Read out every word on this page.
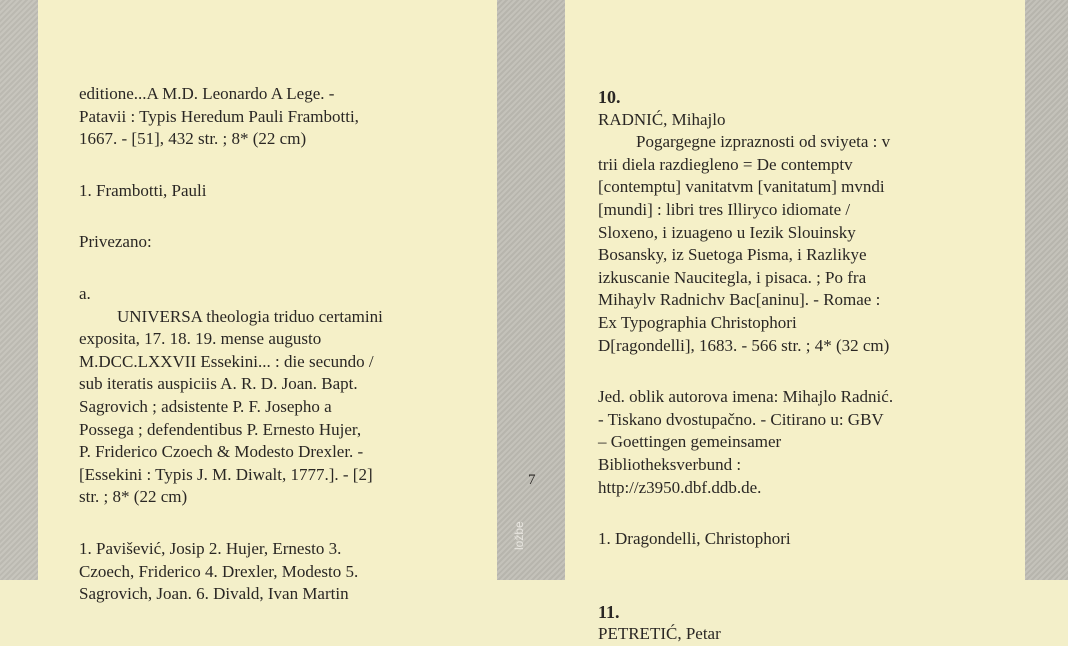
editione...A M.D. Leonardo A Lege. -
Patavii : Typis Heredum Pauli Frambotti,
1667. - [51], 432 str. ; 8* (22 cm)
1. Frambotti, Pauli
Privezano:
a.
UNIVERSA theologia triduo certamini
exposita, 17. 18. 19. mense augusto
M.DCC.LXXVII Essekini... : die secundo /
sub iteratis auspiciis A. R. D. Joan. Bapt.
Sagrovich ; adsistente P. F. Josepho a
Possega ; defendentibus P. Ernesto Hujer,
P. Friderico Czoech & Modesto Drexler. -
[Essekini : Typis J. M. Diwalt, 1777.]. - [2]
str. ; 8* (22 cm)
1. Pavišević, Josip 2. Hujer, Ernesto 3.
Czoech, Friderico 4. Drexler, Modesto 5.
Sagrovich, Joan. 6. Divald, Ivan Martin
7
ložbe
10.
RADNIĆ, Mihajlo
Pogargegne izpraznosti od sviyeta : v
trii diela razdiegleno = De contemptv
[contemptu] vanitatvm [vanitatum] mvndi
[mundi] : libri tres Illiryco idiomate /
Sloxeno, i izuageno u Iezik Slouinsky
Bosansky, iz Suetoga Pisma, i Razlikye
izkuscanie Naucitegla, i pisaca. ; Po fra
Mihaylv Radnichv Bac[aninu]. - Romae :
Ex Typographia Christophori
D[ragondelli], 1683. - 566 str. ; 4* (32 cm)
Jed. oblik autorova imena: Mihajlo Radnić.
- Tiskano dvostupačno. - Citirano u: GBV
– Goettingen gemeinsamer
Bibliotheksverbund :
http://z3950.dbf.ddb.de.
1. Dragondelli, Christophori
11.
PETRETIĆ, Petar
